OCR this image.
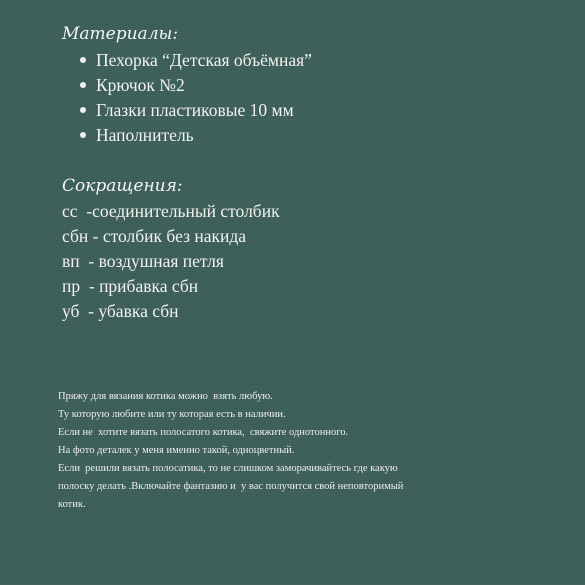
Материалы:
Пехорка “Детская объёмная”
Крючок №2
Глазки пластиковые 10 мм
Наполнитель
Сокращения:
сс  -соединительный столбик
сбн - столбик без накида
вп  - воздушная петля
пр  - прибавка сбн
уб  - убавка сбн
Пряжу для вязания котика можно  взять любую.
Ту которую любите или ту которая есть в наличии.
Если не  хотите вязать полосатого котика,  свяжите однотонного.
На фото деталек у меня именно такой, одноцветный.
Если  решили вязать полосатика, то не слишком заморачивайтесь где какую
полоску делать .Включайте фантазию и  у вас получится свой неповторимый
котик.
